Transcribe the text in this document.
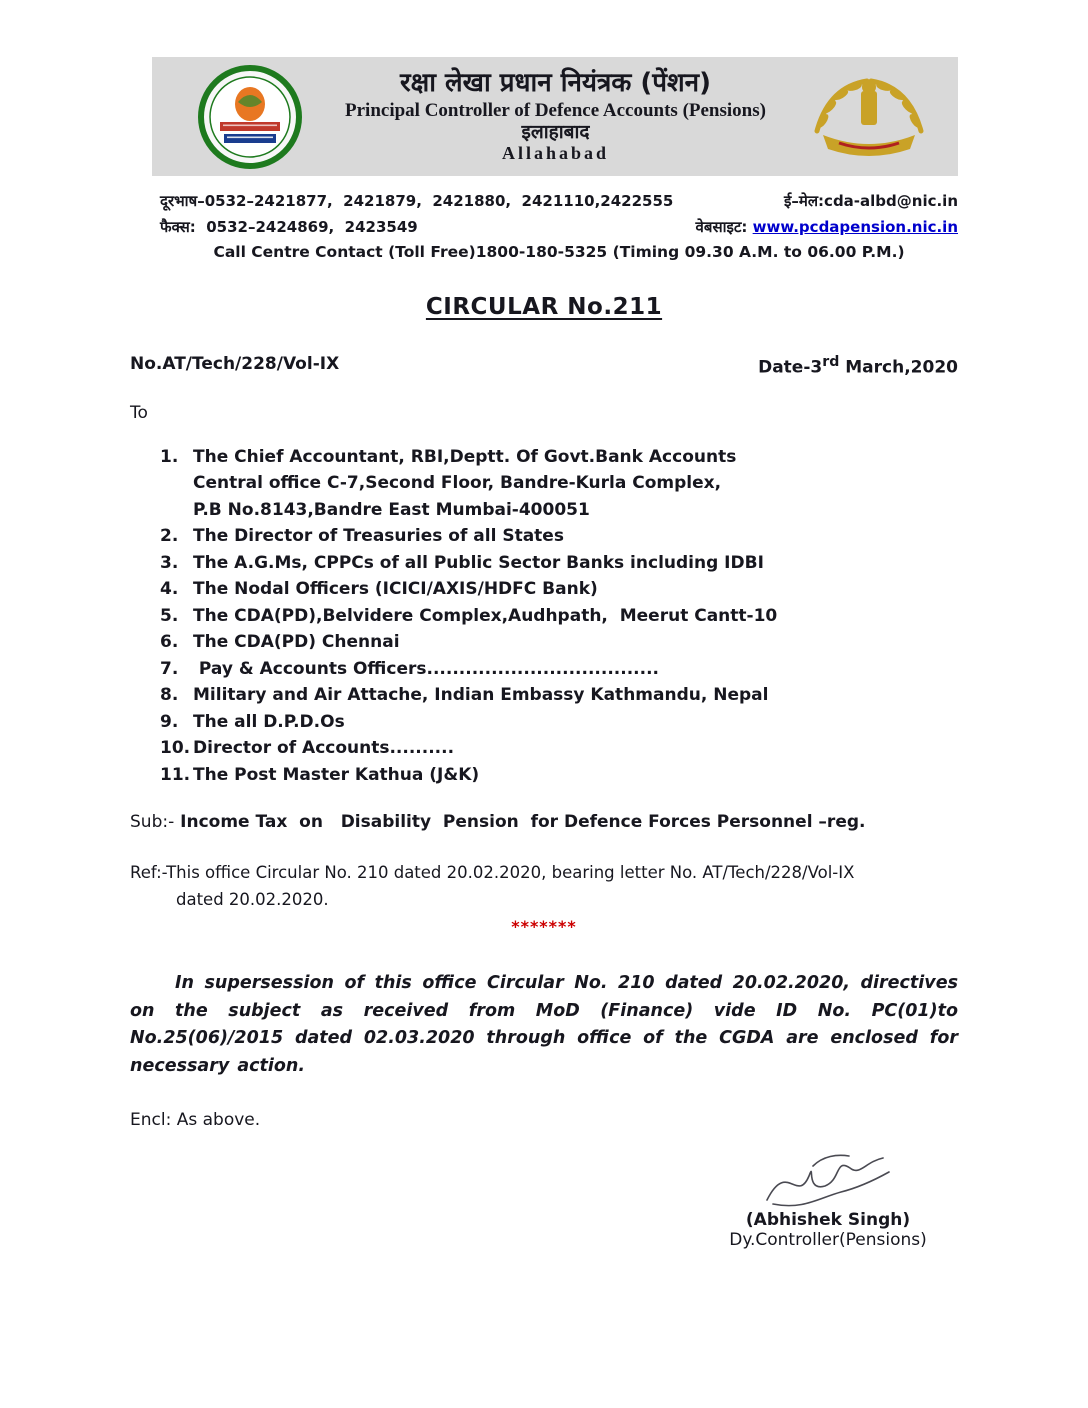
रक्षा लेखा प्रधान नियंत्रक (पेंशन)
Principal Controller of Defence Accounts (Pensions)
इलाहाबाद
Allahabad
दूरभाष–0532–2421877,  2421879,  2421880,  2421110,2422555	ई–मेल:cda-albd@nic.in
फैक्स:  0532–2424869,  2423549	वेबसाइट: www.pcdapension.nic.in
Call Centre Contact (Toll Free)1800-180-5325 (Timing 09.30 A.M. to 06.00 P.M.)
CIRCULAR No.211
No.AT/Tech/228/Vol-IX	Date-3rd March,2020
To
1. The Chief Accountant, RBI,Deptt. Of Govt.Bank Accounts
Central office C-7,Second Floor, Bandre-Kurla Complex,
P.B No.8143,Bandre East Mumbai-400051
2. The Director of Treasuries of all States
3. The A.G.Ms, CPPCs of all Public Sector Banks including IDBI
4. The Nodal Officers (ICICI/AXIS/HDFC Bank)
5. The CDA(PD),Belvidere Complex,Audhpath,  Meerut Cantt-10
6. The CDA(PD) Chennai
7. Pay & Accounts Officers....................................
8. Military and Air Attache, Indian Embassy Kathmandu, Nepal
9. The all D.P.D.Os
10. Director of Accounts..........
11. The Post Master Kathua (J&K)
Sub:- Income Tax  on   Disability  Pension  for Defence Forces Personnel –reg.
Ref:-This office Circular No. 210 dated 20.02.2020, bearing letter No. AT/Tech/228/Vol-IX
dated 20.02.2020.
*******
In supersession of this office Circular No. 210 dated 20.02.2020, directives on the subject as received from MoD (Finance) vide ID No. PC(01)to No.25(06)/2015 dated 02.03.2020 through office of the CGDA are enclosed for necessary action.
Encl: As above.
(Abhishek Singh)
Dy.Controller(Pensions)
